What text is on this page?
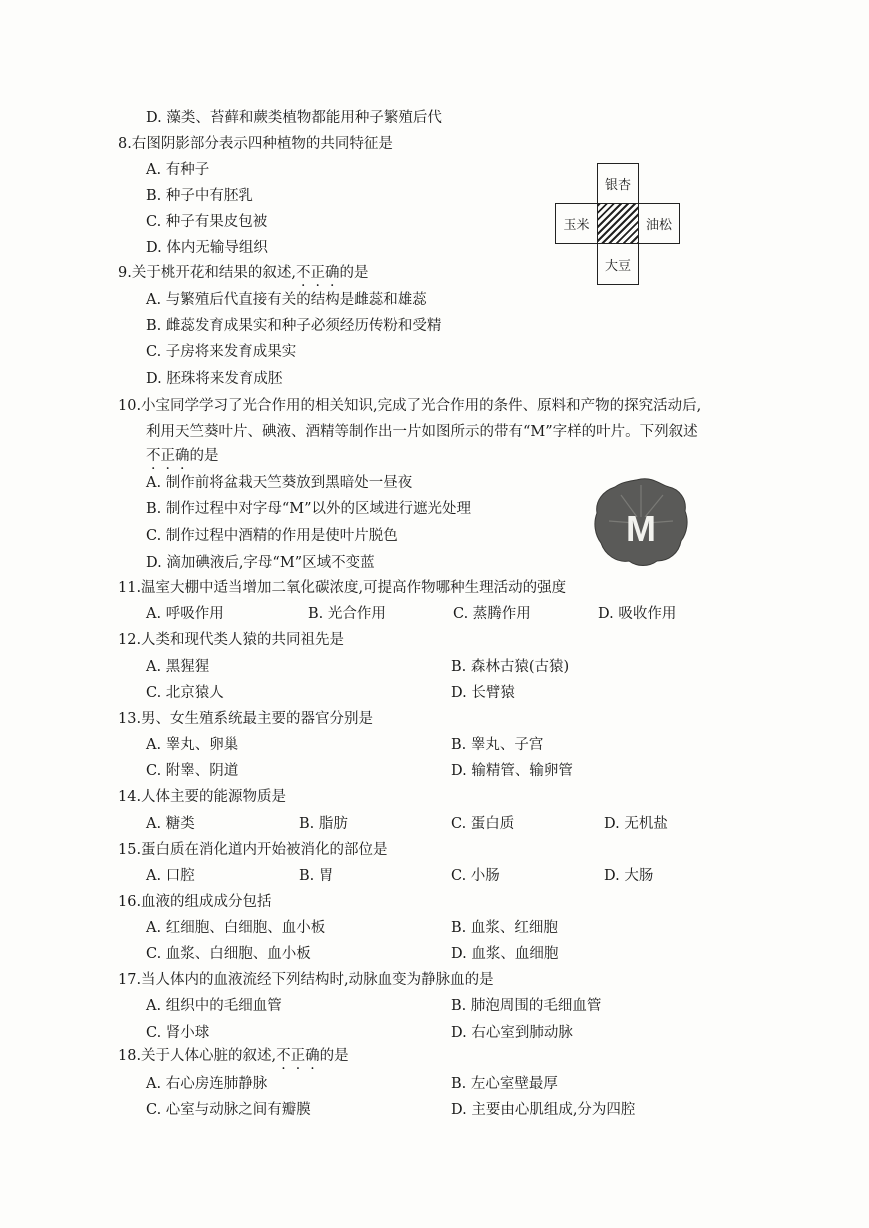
D. 藻类、苔藓和蕨类植物都能用种子繁殖后代
8.右图阴影部分表示四种植物的共同特征是
A. 有种子
B. 种子中有胚乳
C. 种子有果皮包被
D. 体内无输导组织
银杏
玉米	油松
大豆
9.关于桃开花和结果的叙述,不正确的是
A. 与繁殖后代直接有关的结构是雌蕊和雄蕊
B. 雌蕊发育成果实和种子必须经历传粉和受精
C. 子房将来发育成果实
D. 胚珠将来发育成胚
10.小宝同学学习了光合作用的相关知识,完成了光合作用的条件、原料和产物的探究活动后,
利用天竺葵叶片、碘液、酒精等制作出一片如图所示的带有“M”字样的叶片。下列叙述
不正确的是
A. 制作前将盆栽天竺葵放到黑暗处一昼夜
B. 制作过程中对字母“M”以外的区域进行遮光处理
C. 制作过程中酒精的作用是使叶片脱色
D. 滴加碘液后,字母“M”区域不变蓝
M
11.温室大棚中适当增加二氧化碳浓度,可提高作物哪种生理活动的强度
A. 呼吸作用	B. 光合作用	C. 蒸腾作用	D. 吸收作用
12.人类和现代类人猿的共同祖先是
A. 黑猩猩	B. 森林古猿(古猿)
C. 北京猿人	D. 长臂猿
13.男、女生殖系统最主要的器官分别是
A. 睾丸、卵巢	B. 睾丸、子宫
C. 附睾、阴道	D. 输精管、输卵管
14.人体主要的能源物质是
A. 糖类	B. 脂肪	C. 蛋白质	D. 无机盐
15.蛋白质在消化道内开始被消化的部位是
A. 口腔	B. 胃	C. 小肠	D. 大肠
16.血液的组成成分包括
A. 红细胞、白细胞、血小板	B. 血浆、红细胞
C. 血浆、白细胞、血小板	D. 血浆、血细胞
17.当人体内的血液流经下列结构时,动脉血变为静脉血的是
A. 组织中的毛细血管	B. 肺泡周围的毛细血管
C. 肾小球	D. 右心室到肺动脉
18.关于人体心脏的叙述,不正确的是
A. 右心房连肺静脉	B. 左心室壁最厚
C. 心室与动脉之间有瓣膜	D. 主要由心肌组成,分为四腔
